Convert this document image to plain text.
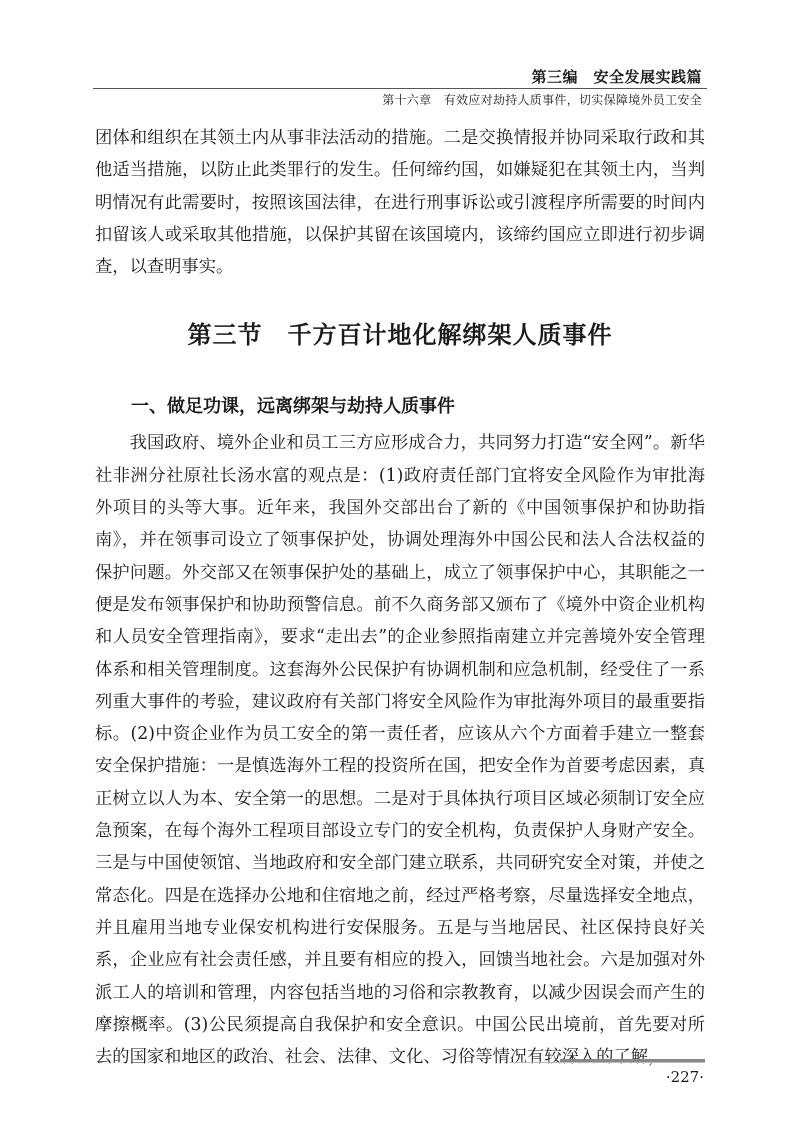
第三编　安全发展实践篇
第十六章　有效应对劫持人质事件，切实保障境外员工安全

团体和组织在其领土内从事非法活动的措施。二是交换情报并协同采取行政和其他适当措施，以防止此类罪行的发生。任何缔约国，如嫌疑犯在其领土内，当判明情况有此需要时，按照该国法律，在进行刑事诉讼或引渡程序所需要的时间内扣留该人或采取其他措施，以保护其留在该国境内，该缔约国应立即进行初步调查，以查明事实。

第三节　千方百计地化解绑架人质事件
一、做足功课，远离绑架与劫持人质事件

我国政府、境外企业和员工三方应形成合力，共同努力打造“安全网”。新华社非洲分社原社长汤水富的观点是：(1)政府责任部门宜将安全风险作为审批海外项目的头等大事。近年来，我国外交部出台了新的《中国领事保护和协助指南》，并在领事司设立了领事保护处，协调处理海外中国公民和法人合法权益的保护问题。外交部又在领事保护处的基础上，成立了领事保护中心，其职能之一便是发布领事保护和协助预警信息。前不久商务部又颁布了《境外中资企业机构和人员安全管理指南》，要求“走出去”的企业参照指南建立并完善境外安全管理体系和相关管理制度。这套海外公民保护有协调机制和应急机制，经受住了一系列重大事件的考验，建议政府有关部门将安全风险作为审批海外项目的最重要指标。(2)中资企业作为员工安全的第一责任者，应该从六个方面着手建立一整套安全保护措施：一是慎选海外工程的投资所在国，把安全作为首要考虑因素，真正树立以人为本、安全第一的思想。二是对于具体执行项目区域必须制订安全应急预案，在每个海外工程项目部设立专门的安全机构，负责保护人身财产安全。三是与中国使领馆、当地政府和安全部门建立联系，共同研究安全对策，并使之常态化。四是在选择办公地和住宿地之前，经过严格考察，尽量选择安全地点，并且雇用当地专业保安机构进行安保服务。五是与当地居民、社区保持良好关系，企业应有社会责任感，并且要有相应的投入，回馈当地社会。六是加强对外派工人的培训和管理，内容包括当地的习俗和宗教教育，以减少因误会而产生的摩擦概率。(3)公民须提高自我保护和安全意识。中国公民出境前，首先要对所去的国家和地区的政治、社会、法律、文化、习俗等情况有较深入的了解，

·227·
